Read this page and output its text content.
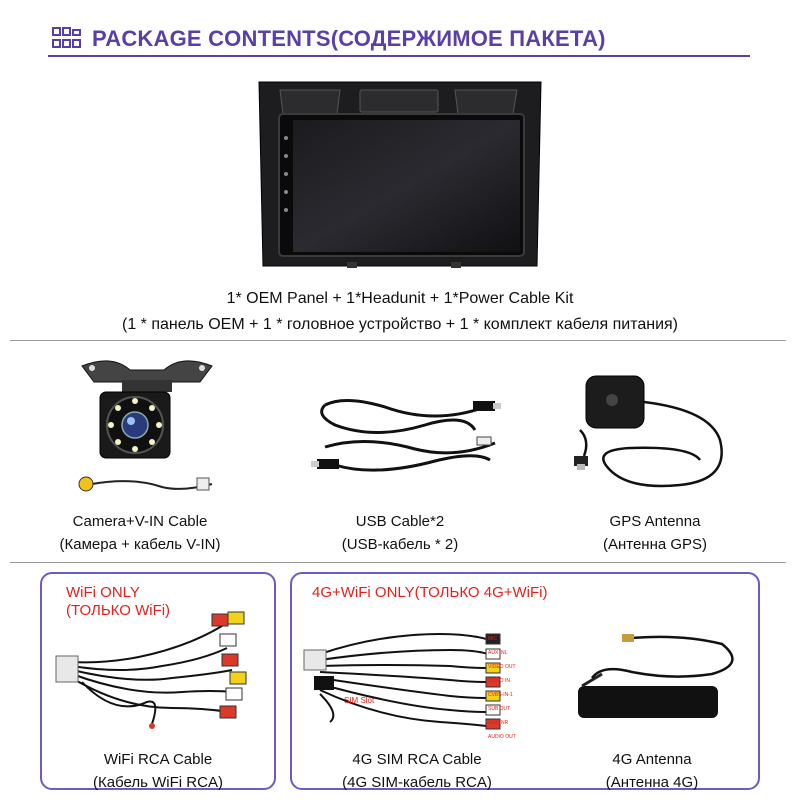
PACKAGE CONTENTS(СОДЕРЖИМОЕ ПАКЕТА)
1* OEM Panel + 1*Headunit + 1*Power Cable Kit
(1 * панель OEM + 1 * головное устройство + 1 * комплект кабеля питания)
Camera+V-IN Cable
(Камера + кабель V-IN)
USB Cable*2
(USB-кабель * 2)
GPS Antenna
(Антенна GPS)
WiFi ONLY
(ТОЛЬКО WiFi)
WiFi RCA Cable
(Кабель WiFi RCA)
4G+WiFi ONLY(ТОЛЬКО 4G+WiFi)
SIM Slot
MIC
AUX INL
VIDEO OUT
VIDEO IN
CVBS-IN-1
SUB OUT
AUX INR
AUDIO OUT
4G SIM RCA Cable
(4G SIM-кабель RCA)
4G Antenna
(Антенна 4G)
